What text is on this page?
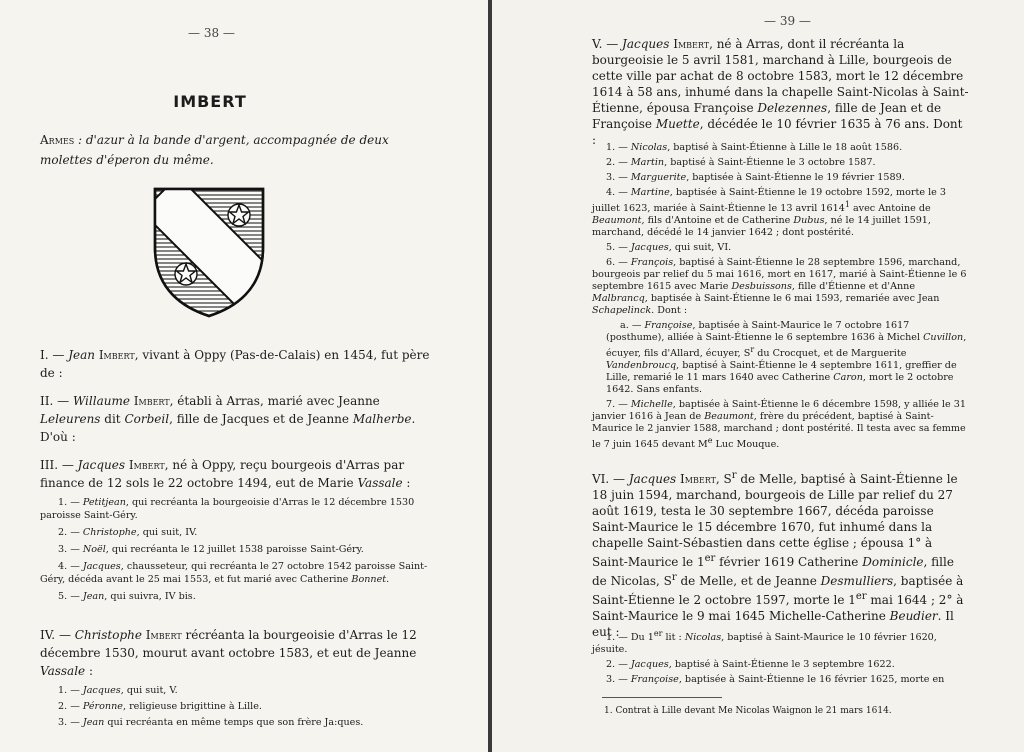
— 38 —
IMBERT
Armes : d'azur à la bande d'argent, accompagnée de deux molettes d'éperon du même.
I. — Jean Imbert, vivant à Oppy (Pas-de-Calais) en 1454, fut père de :
II. — Willaume Imbert, établi à Arras, marié avec Jeanne Leleurens dit Corbeil, fille de Jacques et de Jeanne Malherbe. D'où :
III. — Jacques Imbert, né à Oppy, reçu bourgeois d'Arras par finance de 12 sols le 22 octobre 1494, eut de Marie Vassale :

1. — Petitjean, qui recréanta la bourgeoisie d'Arras le 12 décembre 1530 paroisse Saint-Géry.

2. — Christophe, qui suit, IV.

3. — Noël, qui recréanta le 12 juillet 1538 paroisse Saint-Géry.

4. — Jacques, chausseteur, qui recréanta le 27 octobre 1542 paroisse Saint-Géry, décéda avant le 25 mai 1553, et fut marié avec Catherine Bonnet.

5. — Jean, qui suivra, IV bis.

IV. — Christophe Imbert récréanta la bourgeoisie d'Arras le 12 décembre 1530, mourut avant octobre 1583, et eut de Jeanne Vassale :

1. — Jacques, qui suit, V.

2. — Péronne, religieuse brigittine à Lille.

3. — Jean qui recréanta en même temps que son frère Ja:ques.

— 39 —
V. — Jacques Imbert, né à Arras, dont il récréanta la bourgeoisie le 5 avril 1581, marchand à Lille, bourgeois de cette ville par achat de 8 octobre 1583, mort le 12 décembre 1614 à 58 ans, inhumé dans la chapelle Saint-Nicolas à Saint-Étienne, épousa Françoise Delezennes, fille de Jean et de Françoise Muette, décédée le 10 février 1635 à 76 ans. Dont :

1. — Nicolas, baptisé à Saint-Étienne à Lille le 18 août 1586.

2. — Martin, baptisé à Saint-Étienne le 3 octobre 1587.

3. — Marguerite, baptisée à Saint-Étienne le 19 février 1589.

4. — Martine, baptisée à Saint-Étienne le 19 octobre 1592, morte le 3 juillet 1623, mariée à Saint-Étienne le 13 avril 1614$^1$ avec Antoine de Beaumont, fils d'Antoine et de Catherine Dubus, né le 14 juillet 1591, marchand, décédé le 14 janvier 1642 ; dont postérité.

5. — Jacques, qui suit, VI.

6. — François, baptisé à Saint-Étienne le 28 septembre 1596, marchand, bourgeois par relief du 5 mai 1616, mort en 1617, marié à Saint-Étienne le 6 septembre 1615 avec Marie Desbuissons, fille d'Étienne et d'Anne Malbrancq, baptisée à Saint-Étienne le 6 mai 1593, remariée avec Jean Schapelinck. Dont :

a. — Françoise, baptisée à Saint-Maurice le 7 octobre 1617 (posthume), alliée à Saint-Étienne le 6 septembre 1636 à Michel Cuvillon, écuyer, fils d'Allard, écuyer, $S^r$ du Crocquet, et de Marguerite Vandenbroucq, baptisé à Saint-Étienne le 4 septembre 1611, greffier de Lille, remarié le 11 mars 1640 avec Catherine Caron, mort le 2 octobre 1642. Sans enfants.

7. — Michelle, baptisée à Saint-Étienne le 6 décembre 1598, y alliée le 31 janvier 1616 à Jean de Beaumont, frère du précédent, baptisé à Saint-Maurice le 2 janvier 1588, marchand ; dont postérité. Il testa avec sa femme le 7 juin 1645 devant Me Luc Mouque.

VI. — Jacques Imbert, $S^r$ de Melle, baptisé à Saint-Étienne le 18 juin 1594, marchand, bourgeois de Lille par relief du 27 août 1619, testa le 30 septembre 1667, décéda paroisse Saint-Maurice le 15 décembre 1670, fut inhumé dans la chapelle Saint-Sébastien dans cette église ; épousa 1° à Saint-Maurice le 1er février 1619 Catherine Dominicle, fille de Nicolas, $S^r$ de Melle, et de Jeanne Desmulliers, baptisée à Saint-Étienne le 2 octobre 1597, morte le 1er mai 1644 ; 2° à Saint-Maurice le 9 mai 1645 Michelle-Catherine Beudier. Il eut :

1. — Du 1er lit : Nicolas, baptisé à Saint-Maurice le 10 février 1620, jésuite.

2. — Jacques, baptisé à Saint-Étienne le 3 septembre 1622.

3. — Françoise, baptisée à Saint-Étienne le 16 février 1625, morte en

1. Contrat à Lille devant Me Nicolas Waignon le 21 mars 1614.
